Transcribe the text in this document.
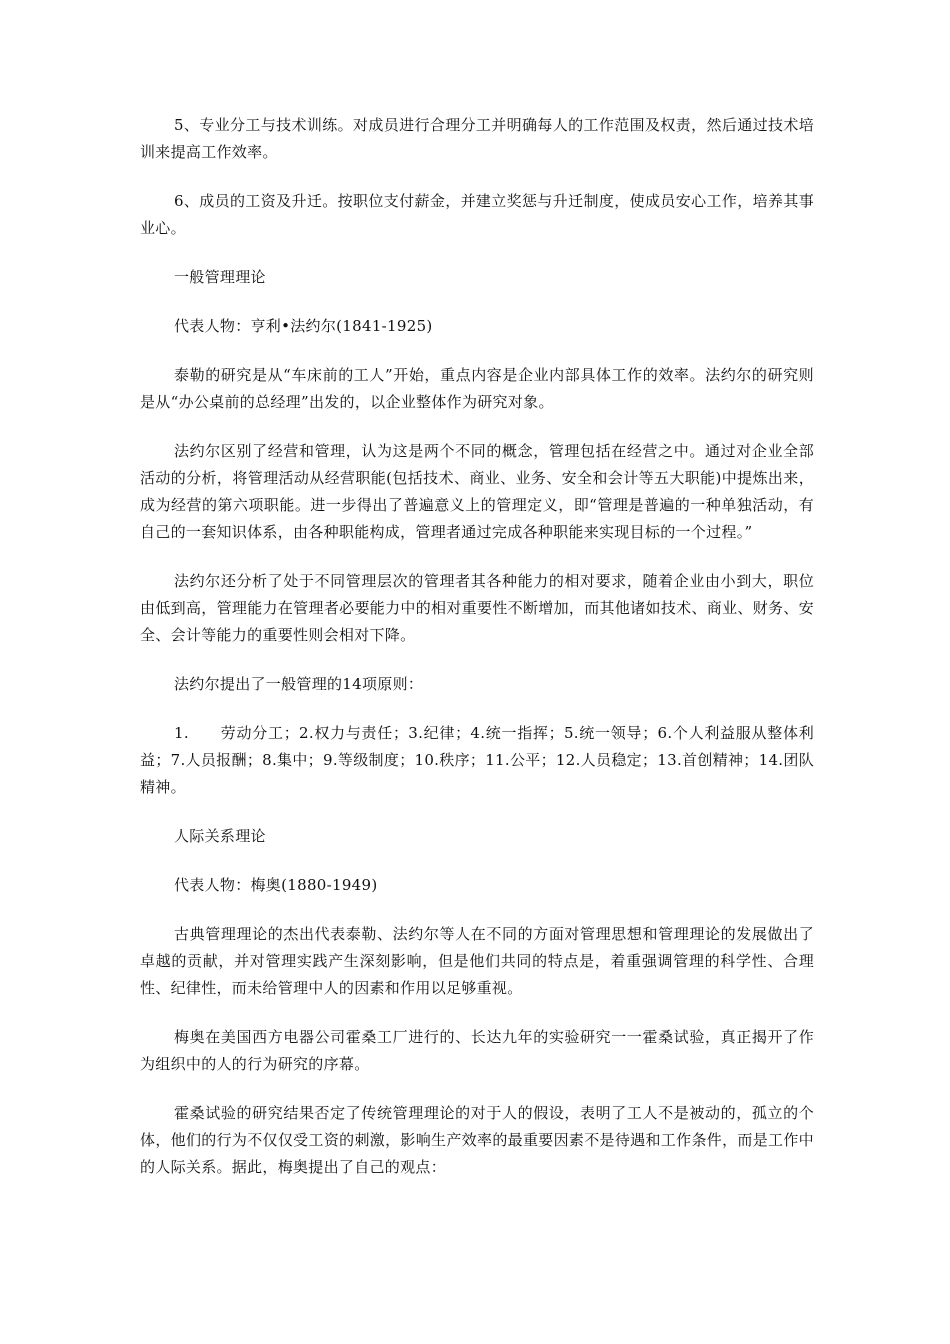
5、专业分工与技术训练。对成员进行合理分工并明确每人的工作范围及权责，然后通过技术培训来提高工作效率。

6、成员的工资及升迁。按职位支付薪金，并建立奖惩与升迁制度，使成员安心工作，培养其事业心。

一般管理理论

代表人物：亨利•法约尔(1841-1925)

泰勒的研究是从“车床前的工人”开始，重点内容是企业内部具体工作的效率。法约尔的研究则是从“办公桌前的总经理”出发的，以企业整体作为研究对象。

法约尔区别了经营和管理，认为这是两个不同的概念，管理包括在经营之中。通过对企业全部活动的分析，将管理活动从经营职能(包括技术、商业、业务、安全和会计等五大职能)中提炼出来，成为经营的第六项职能。进一步得出了普遍意义上的管理定义，即“管理是普遍的一种单独活动，有自己的一套知识体系，由各种职能构成，管理者通过完成各种职能来实现目标的一个过程。”

法约尔还分析了处于不同管理层次的管理者其各种能力的相对要求，随着企业由小到大，职位由低到高，管理能力在管理者必要能力中的相对重要性不断增加，而其他诸如技术、商业、财务、安全、会计等能力的重要性则会相对下降。

法约尔提出了一般管理的14项原则：

1.　　劳动分工；2.权力与责任；3.纪律；4.统一指挥；5.统一领导；6.个人利益服从整体利益；7.人员报酬；8.集中；9.等级制度；10.秩序；11.公平；12.人员稳定；13.首创精神；14.团队精神。

人际关系理论

代表人物：梅奥(1880-1949)

古典管理理论的杰出代表泰勒、法约尔等人在不同的方面对管理思想和管理理论的发展做出了卓越的贡献，并对管理实践产生深刻影响，但是他们共同的特点是，着重强调管理的科学性、合理性、纪律性，而未给管理中人的因素和作用以足够重视。

梅奥在美国西方电器公司霍桑工厂进行的、长达九年的实验研究一一霍桑试验，真正揭开了作为组织中的人的行为研究的序幕。

霍桑试验的研究结果否定了传统管理理论的对于人的假设，表明了工人不是被动的，孤立的个体，他们的行为不仅仅受工资的刺激，影响生产效率的最重要因素不是待遇和工作条件，而是工作中的人际关系。据此，梅奥提出了自己的观点：
